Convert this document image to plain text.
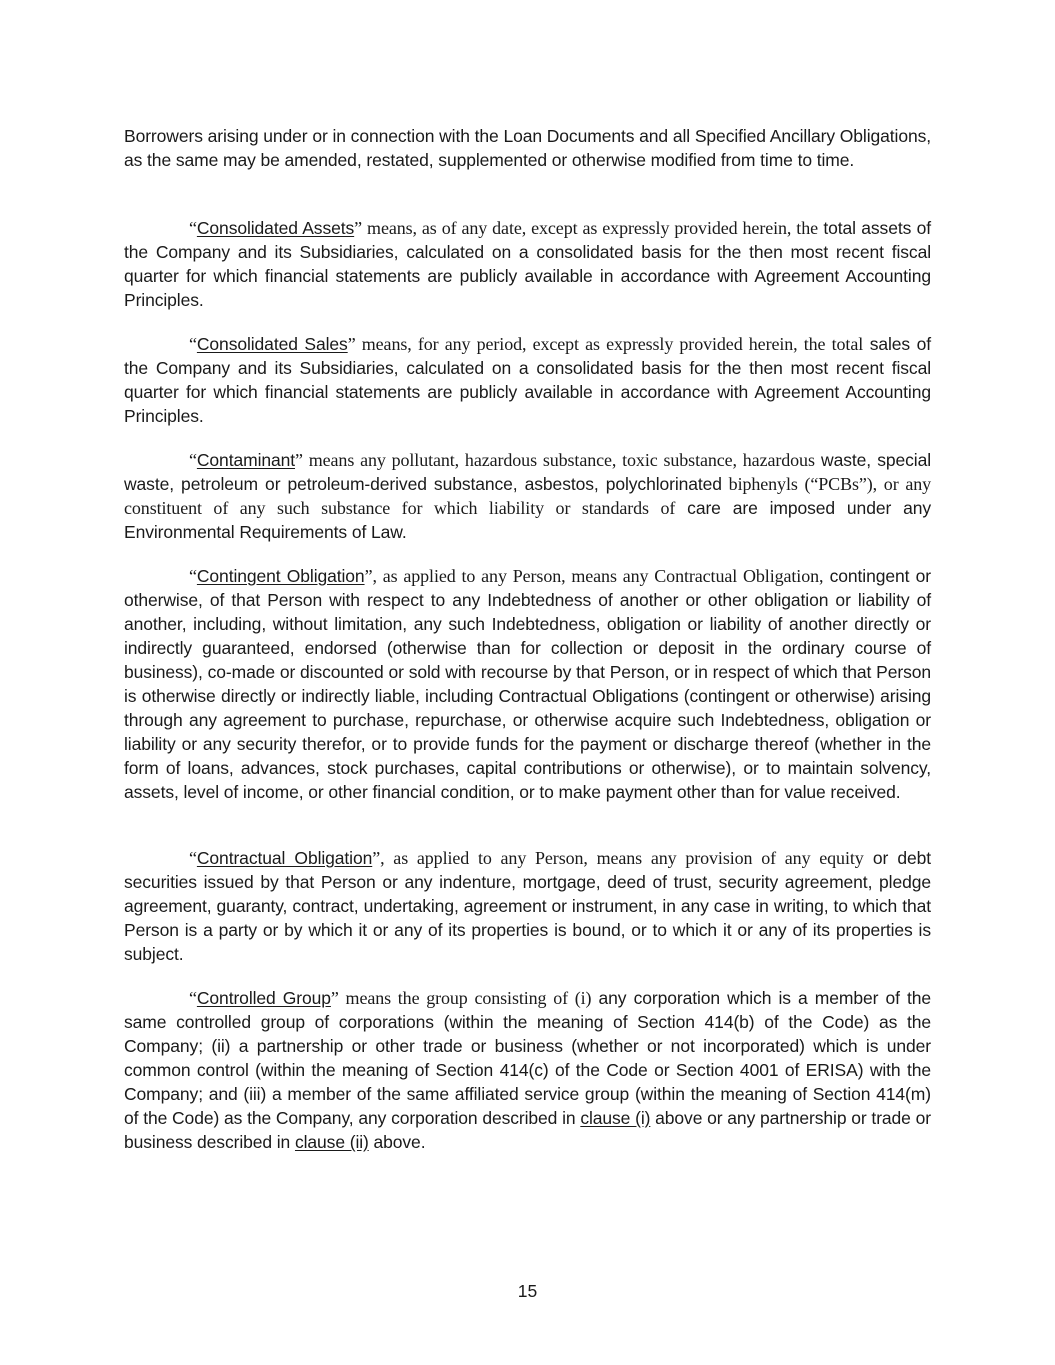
Borrowers arising under or in connection with the Loan Documents and all Specified Ancillary Obligations, as the same may be amended, restated, supplemented or otherwise modified from time to time.

“Consolidated Assets” means, as of any date, except as expressly provided herein, the total assets of the Company and its Subsidiaries, calculated on a consolidated basis for the then most recent fiscal quarter for which financial statements are publicly available in accordance with Agreement Accounting Principles.

“Consolidated Sales” means, for any period, except as expressly provided herein, the total sales of the Company and its Subsidiaries, calculated on a consolidated basis for the then most recent fiscal quarter for which financial statements are publicly available in accordance with Agreement Accounting Principles.

“Contaminant” means any pollutant, hazardous substance, toxic substance, hazardous waste, special waste, petroleum or petroleum-derived substance, asbestos, polychlorinated biphenyls (“PCBs”), or any constituent of any such substance for which liability or standards of care are imposed under any Environmental Requirements of Law.

“Contingent Obligation”, as applied to any Person, means any Contractual Obligation, contingent or otherwise, of that Person with respect to any Indebtedness of another or other obligation or liability of another, including, without limitation, any such Indebtedness, obligation or liability of another directly or indirectly guaranteed, endorsed (otherwise than for collection or deposit in the ordinary course of business), co-made or discounted or sold with recourse by that Person, or in respect of which that Person is otherwise directly or indirectly liable, including Contractual Obligations (contingent or otherwise) arising through any agreement to purchase, repurchase, or otherwise acquire such Indebtedness, obligation or liability or any security therefor, or to provide funds for the payment or discharge thereof (whether in the form of loans, advances, stock purchases, capital contributions or otherwise), or to maintain solvency, assets, level of income, or other financial condition, or to make payment other than for value received.

“Contractual Obligation”, as applied to any Person, means any provision of any equity or debt securities issued by that Person or any indenture, mortgage, deed of trust, security agreement, pledge agreement, guaranty, contract, undertaking, agreement or instrument, in any case in writing, to which that Person is a party or by which it or any of its properties is bound, or to which it or any of its properties is subject.

“Controlled Group” means the group consisting of (i) any corporation which is a member of the same controlled group of corporations (within the meaning of Section 414(b) of the Code) as the Company; (ii) a partnership or other trade or business (whether or not incorporated) which is under common control (within the meaning of Section 414(c) of the Code or Section 4001 of ERISA) with the Company; and (iii) a member of the same affiliated service group (within the meaning of Section 414(m) of the Code) as the Company, any corporation described in clause (i) above or any partnership or trade or business described in clause (ii) above.

15
